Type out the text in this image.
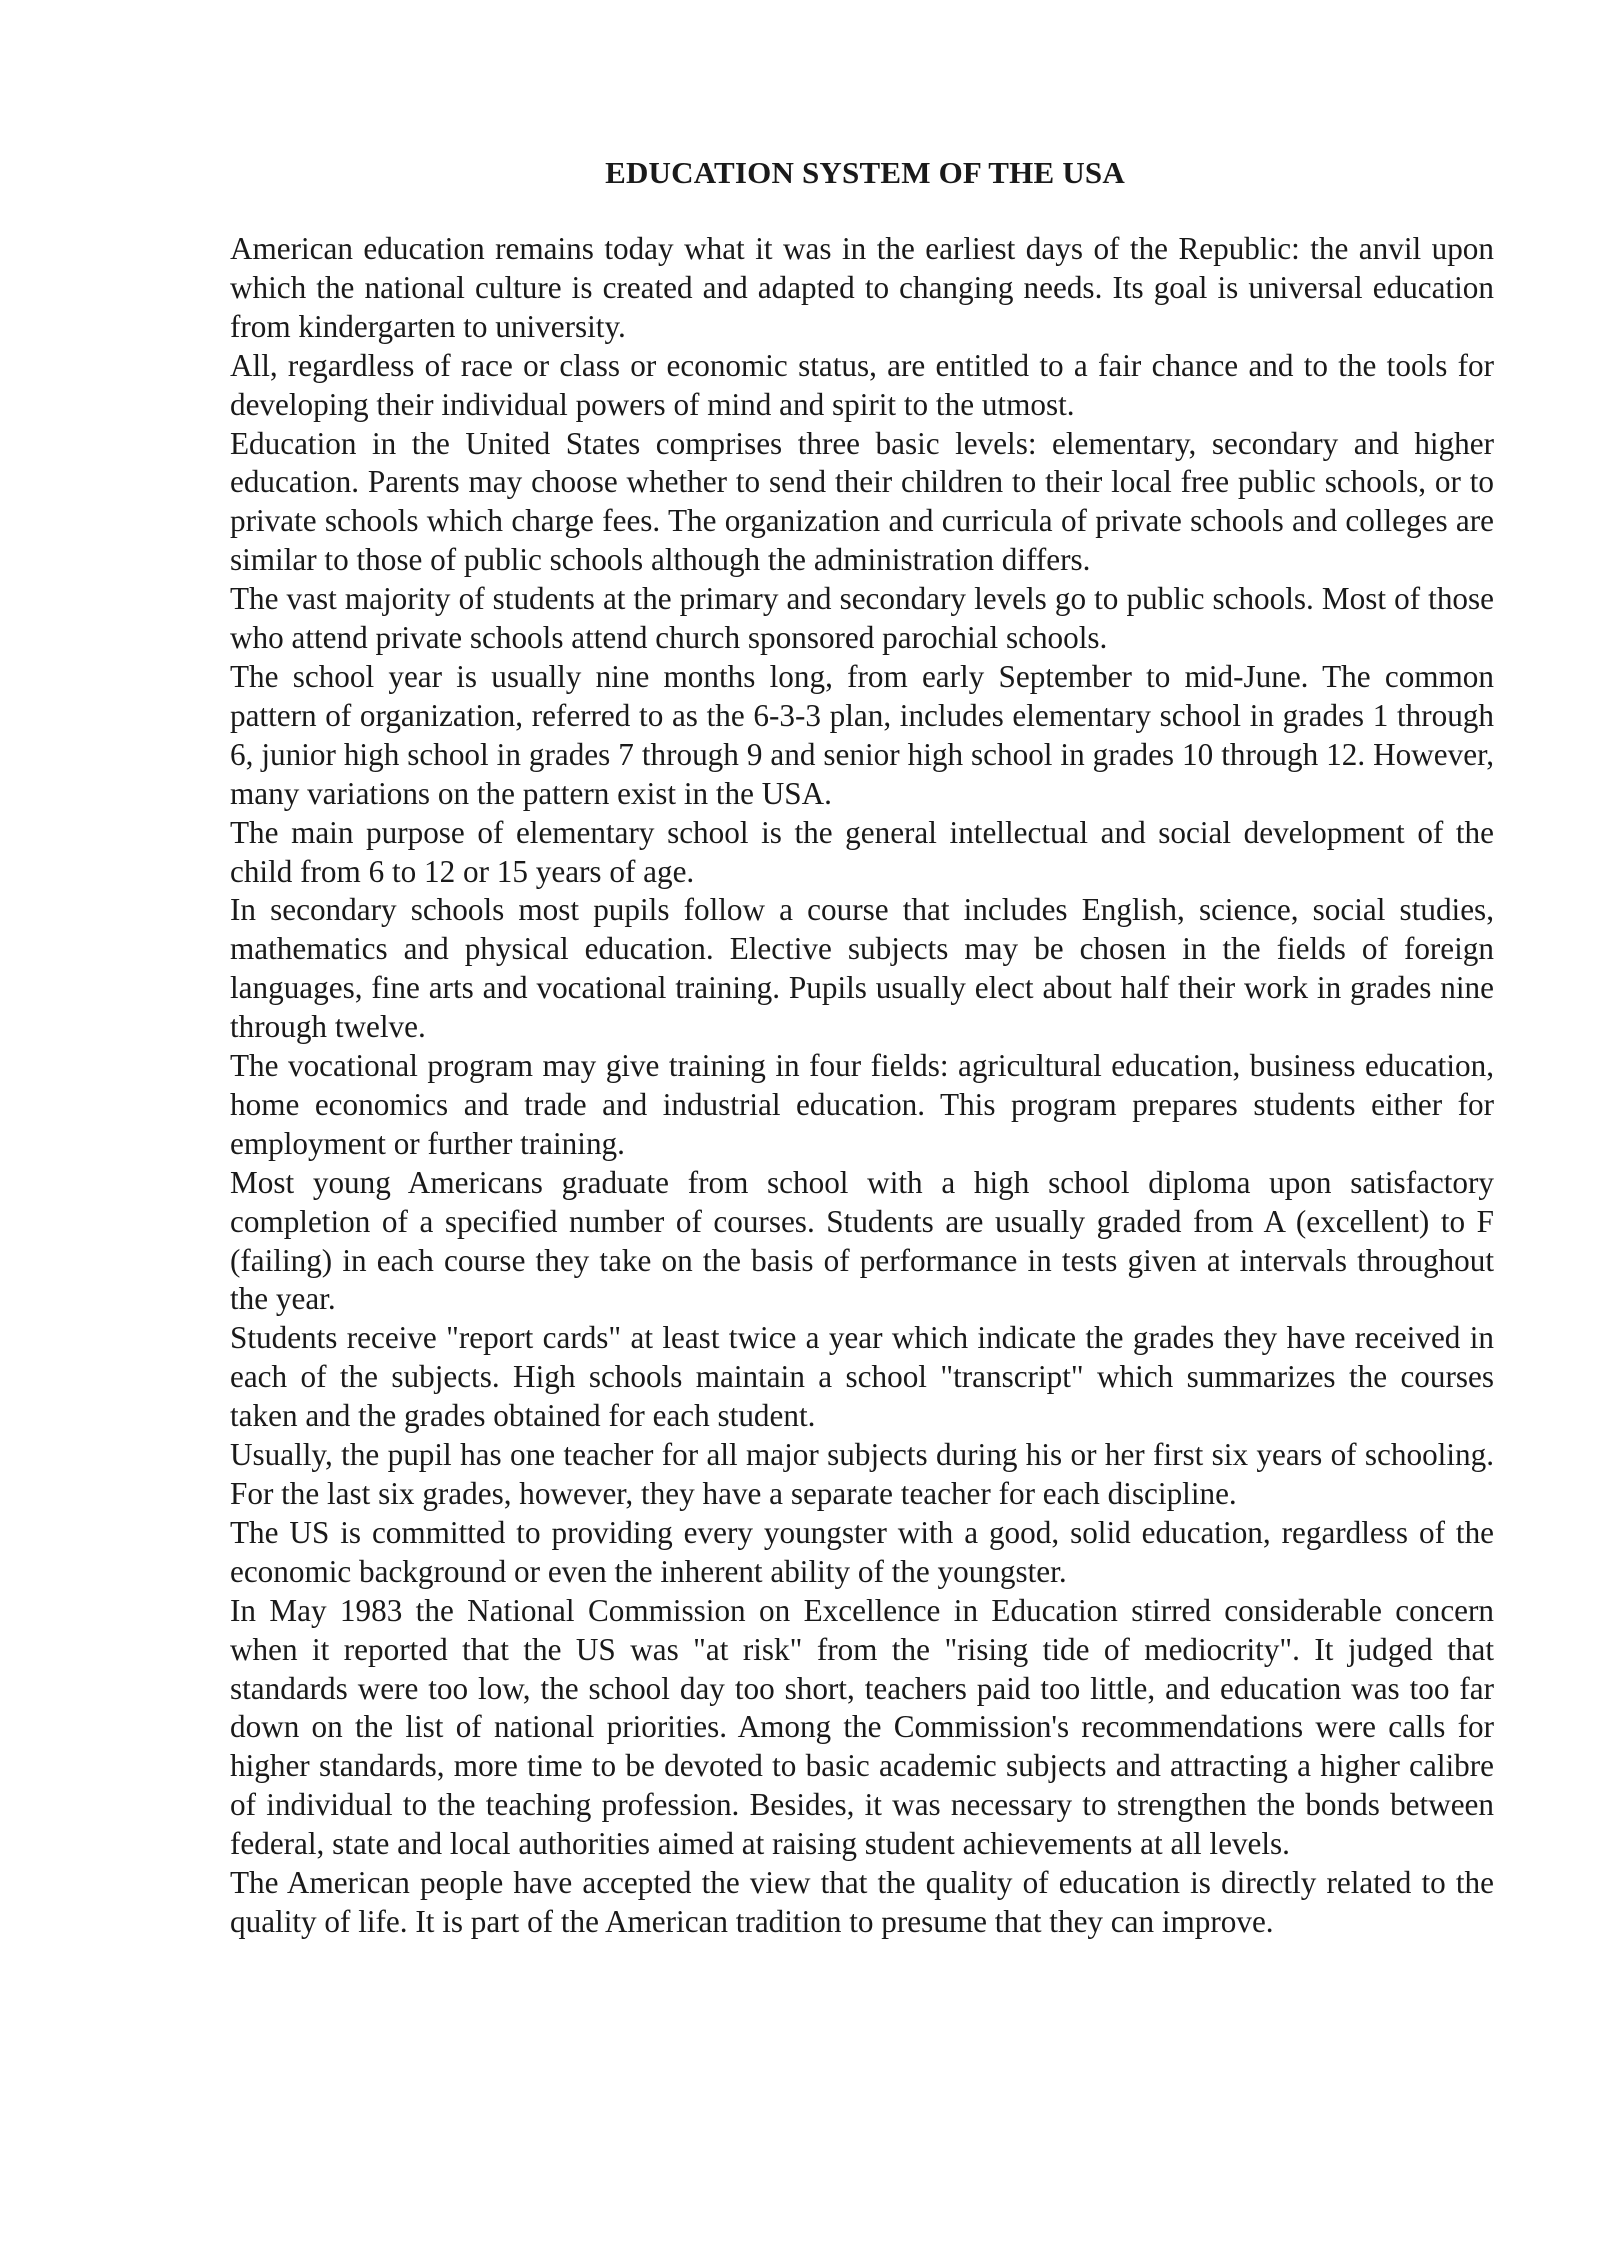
EDUCATION SYSTEM OF THE USA

American education remains today what it was in the earliest days of the Republic: the anvil upon which the national culture is created and adapted to changing needs. Its goal is universal education from kindergarten to university.

All, regardless of race or class or economic status, are entitled to a fair chance and to the tools for developing their individual powers of mind and spirit to the utmost.

Education in the United States comprises three basic levels: elementary, secondary and higher education. Parents may choose whether to send their children to their local free public schools, or to private schools which charge fees. The organization and curricula of private schools and colleges are similar to those of public schools although the administration differs.

The vast majority of students at the primary and secondary levels go to public schools. Most of those who attend private schools attend church sponsored parochial schools.

The school year is usually nine months long, from early September to mid-June. The common pattern of organization, referred to as the 6-3-3 plan, includes elementary school in grades 1 through 6, junior high school in grades 7 through 9 and senior high school in grades 10 through 12. However, many variations on the pattern exist in the USA.

The main purpose of elementary school is the general intellectual and social development of the child from 6 to 12 or 15 years of age.

In secondary schools most pupils follow a course that includes English, science, social studies, mathematics and physical education. Elective subjects may be chosen in the fields of foreign languages, fine arts and vocational training. Pupils usually elect about half their work in grades nine through twelve.

The vocational program may give training in four fields: agricultural education, business education, home economics and trade and industrial education. This program prepares students either for employment or further training.

Most young Americans graduate from school with a high school diploma upon satisfactory completion of a specified number of courses. Students are usually graded from A (excellent) to F (failing) in each course they take on the basis of performance in tests given at intervals throughout the year.

Students receive "report cards" at least twice a year which indicate the grades they have received in each of the subjects. High schools maintain a school "transcript" which summarizes the courses taken and the grades obtained for each student.

Usually, the pupil has one teacher for all major subjects during his or her first six years of schooling. For the last six grades, however, they have a separate teacher for each discipline.

The US is committed to providing every youngster with a good, solid education, regardless of the economic background or even the inherent ability of the youngster.

In May 1983 the National Commission on Excellence in Education stirred considerable concern when it reported that the US was "at risk" from the "rising tide of mediocrity". It judged that standards were too low, the school day too short, teachers paid too little, and education was too far down on the list of national priorities. Among the Commission's recommendations were calls for higher standards, more time to be devoted to basic academic subjects and attracting a higher calibre of individual to the teaching profession. Besides, it was necessary to strengthen the bonds between federal, state and local authorities aimed at raising student achievements at all levels.

The American people have accepted the view that the quality of education is directly related to the quality of life. It is part of the American tradition to presume that they can improve.
